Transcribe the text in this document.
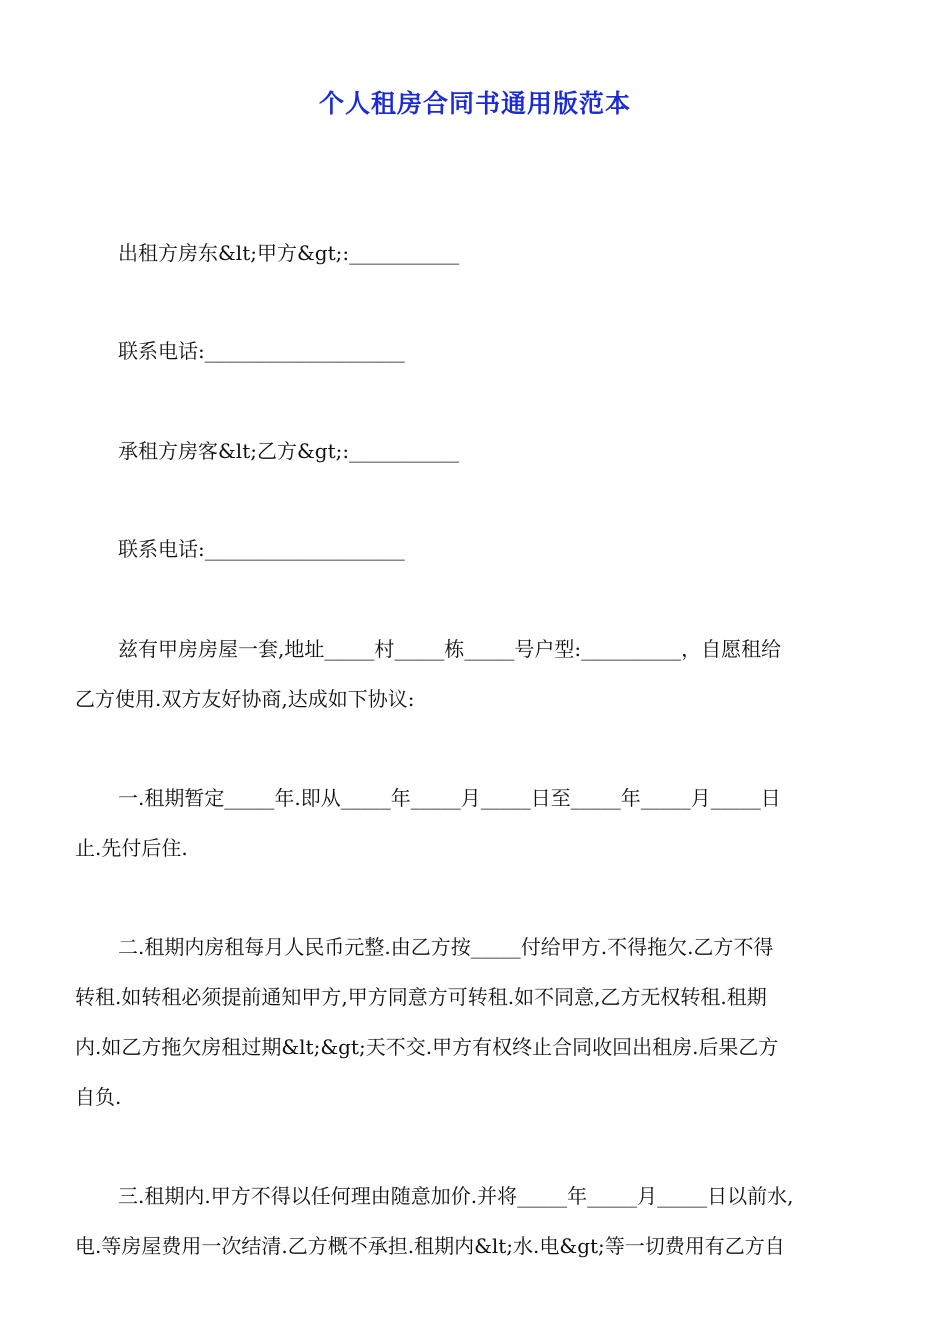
个人租房合同书通用版范本
出租方房东&lt;甲方&gt;:___________
联系电话:____________________
承租方房客&lt;乙方&gt;:___________
联系电话:____________________
兹有甲房房屋一套,地址_____村_____栋_____号户型:__________，自愿租给
乙方使用.双方友好协商,达成如下协议:
一.租期暂定_____年.即从_____年_____月_____日至_____年_____月_____日
止.先付后住.
二.租期内房租每月人民币元整.由乙方按_____付给甲方.不得拖欠.乙方不得
转租.如转租必须提前通知甲方,甲方同意方可转租.如不同意,乙方无权转租.租期
内.如乙方拖欠房租过期&lt;&gt;天不交.甲方有权终止合同收回出租房.后果乙方
自负.
三.租期内.甲方不得以任何理由随意加价.并将_____年_____月_____日以前水,
电.等房屋费用一次结清.乙方概不承担.租期内&lt;水.电&gt;等一切费用有乙方自
